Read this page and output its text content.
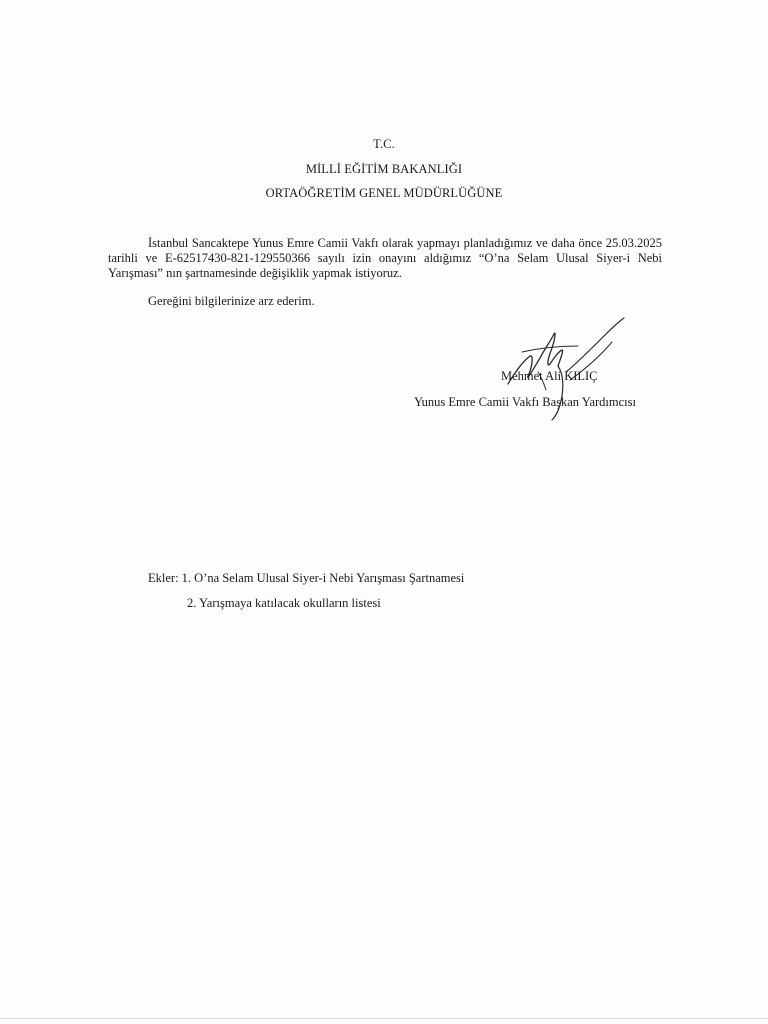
T.C.
MİLLİ EĞİTİM BAKANLIĞI
ORTAÖĞRETİM GENEL MÜDÜRLÜĞÜNE
İstanbul Sancaktepe Yunus Emre Camii Vakfı olarak yapmayı planladığımız ve daha önce 25.03.2025 tarihli ve E-62517430-821-129550366 sayılı izin onayını aldığımız “O’na Selam Ulusal Siyer-i Nebi Yarışması” nın şartnamesinde değişiklik yapmak istiyoruz.
Gereğini bilgilerinize arz ederim.
Mehmet Ali KILIÇ
Yunus Emre Camii Vakfı Başkan Yardımcısı
Ekler: 1. O’na Selam Ulusal Siyer-i Nebi Yarışması Şartnamesi
2. Yarışmaya katılacak okulların listesi
